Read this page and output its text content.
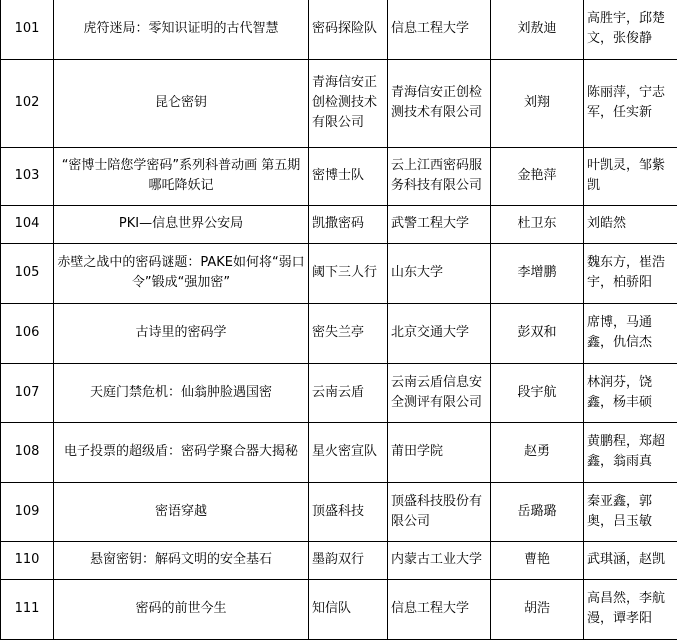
101	虎符迷局：零知识证明的古代智慧	密码探险队	信息工程大学	刘敖迪	高胜宇，邱楚文，张俊静
102	昆仑密钥	青海信安正创检测技术有限公司	青海信安正创检测技术有限公司	刘翔	陈丽萍，宁志军，任实新
103	“密博士陪您学密码”系列科普动画 第五期 哪吒降妖记	密博士队	云上江西密码服务科技有限公司	金艳萍	叶凯灵，邹紫凯
104	PKI—信息世界公安局	凯撒密码	武警工程大学	杜卫东	刘皓然
105	赤壁之战中的密码谜题：PAKE如何将“弱口令”锻成“强加密”	阈下三人行	山东大学	李增鹏	魏东方，崔浩宇，柏骄阳
106	古诗里的密码学	密失兰亭	北京交通大学	彭双和	席博，马通鑫，仇信杰
107	天庭门禁危机：仙翁肿脸遇国密	云南云盾	云南云盾信息安全测评有限公司	段宇航	林润芬，饶鑫，杨丰硕
108	电子投票的超级盾：密码学聚合器大揭秘	星火密宣队	莆田学院	赵勇	黄鹏程，郑超鑫，翁雨真
109	密语穿越	顶盛科技	顶盛科技股份有限公司	岳璐璐	秦亚鑫，郭奥，吕玉敏
110	悬窗密钥：解码文明的安全基石	墨韵双行	内蒙古工业大学	曹艳	武琪涵，赵凯
111	密码的前世今生	知信队	信息工程大学	胡浩	高昌然，李航漫，谭孝阳
